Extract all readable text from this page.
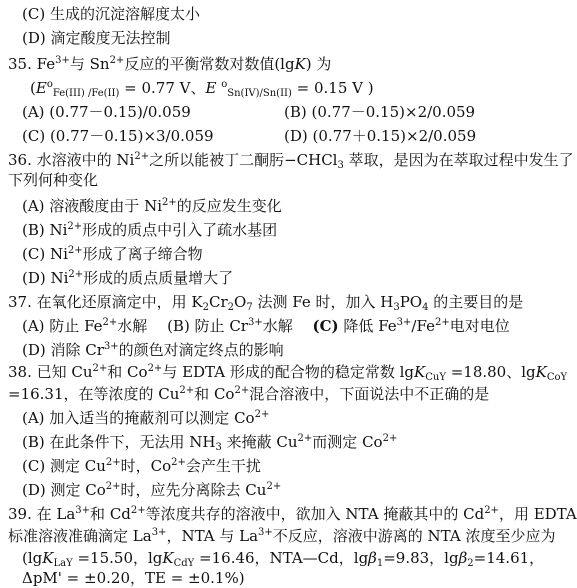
(C) 生成的沉淀溶解度太小
(D) 滴定酸度无法控制
35. $Fe^{3+}$与 $Sn^{2+}$反应的平衡常数对数值(lgK) 为
($E^o_{Fe(III) /Fe(II)} = 0.77$ V、E $^o_{Sn(IV)/Sn(II)}$ = 0.15 V )
(A) (0.77－0.15)/0.059	(B) (0.77－0.15)×2/0.059
(C) (0.77－0.15)×3/0.059	(D) (0.77＋0.15)×2/0.059
36. 水溶液中的 $Ni^{2+}$之所以能被丁二酮肟−CHCl$_3$ 萃取，是因为在萃取过程中发生了
下列何种变化
(A) 溶液酸度由于 $Ni^{2+}$的反应发生变化
(B) $Ni^{2+}$形成的质点中引入了疏水基团
(C) $Ni^{2+}$形成了离子缔合物
(D) $Ni^{2+}$形成的质点质量增大了
37. 在氧化还原滴定中，用 $K_2Cr_2O_7$ 法测 Fe 时，加入 $H_3PO_4$ 的主要目的是
(A) 防止 $Fe^{2+}$水解　 (B) 防止 $Cr^{3+}$水解　 (C) 降低 $Fe^{3+}/Fe^{2+}$电对电位
(D) 消除 $Cr^{3+}$的颜色对滴定终点的影响
38. 已知 $Cu^{2+}$和 $Co^{2+}$与 EDTA 形成的配合物的稳定常数 lgK$_{CuY}$ =18.80、lgK$_{CoY}$
=16.31，在等浓度的 $Cu^{2+}$和 $Co^{2+}$混合溶液中，下面说法中不正确的是
(A) 加入适当的掩蔽剂可以测定 $Co^{2+}$
(B) 在此条件下，无法用 $NH_3$ 来掩蔽 $Cu^{2+}$而测定 $Co^{2+}$
(C) 测定 $Cu^{2+}$时，$Co^{2+}$会产生干扰
(D) 测定 $Co^{2+}$时，应先分离除去 $Cu^{2+}$
39. 在 $La^{3+}$和 $Cd^{2+}$等浓度共存的溶液中，欲加入 NTA 掩蔽其中的 $Cd^{2+}$，用 EDTA
标准溶液准确滴定 $La^{3+}$，NTA 与 $La^{3+}$不反应，溶液中游离的 NTA 浓度至少应为
(lgK$_{LaY}$ =15.50，lgK$_{CdY}$ =16.46，NTA—Cd，lgβ$_1$=9.83，lgβ$_2$=14.61，
ΔpM' = ±0.20，TE = ±0.1%)
